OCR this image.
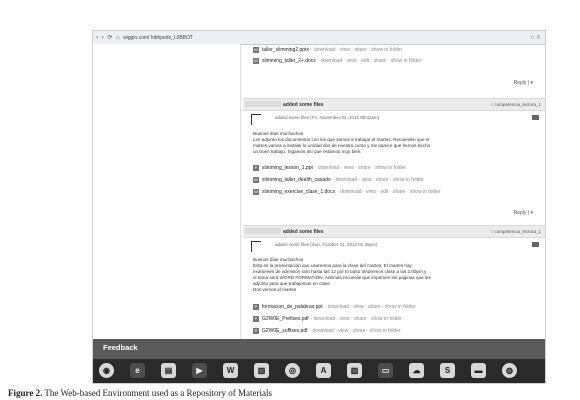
‹ › ⟳ ⌂ wiggio.com/ hibhpeds_L0BBOT	☆ ≡
W taller_slimming2.pptx · download · view · share · show in folder
W slimming_taller_2+.docx · download · view · edit · share · show in folder
Reply | ▾
added some files	○ competencia_lectora_1
added some files (Fri, November 02, 2012 09:02am)
Buenos días muchachos
Les adjunto los documentos con los que vamos a trabajar el martes. Recuerden que el
martes vamos a instalar la unidad dos de nuestro curso y me parece que hemos hecho
un buen trabajo. Sigamos así que estamos muy bien.
P slimming_lesson_1.ppt · download · view · share · show in folder
W slimming_taller_dealth_casado · download · view · share · show in folder
W slimming_exercise_clase_1.docx · download · view · edit · share · show in folder
Reply | ▾
added some files	○ competencia_lectora_1
added some files (Sun, October 21, 2012 01:36pm)
Buenos días muchachos
Esta es la presentación que usaremos para la clase del martes. El martes hay
exámenes de admisión solo hasta las 12 por lo tanto tendremos clase a las 2.00pm y
el tema será WORD FORMATION. Además recuerde que imprimen las páginas que les
adjunto para que trabajemos en clase
Nos vemos el martes
P formacion_de_palabras.ppt · download · view · share · show in folder
P G2W0E_Prefixes.pdf · download · view · share · show in folder
P G2W0E_suffixes.pdf · download · view · share · show in folder
Feedback
◉	e	▤	▶	W	▧	◎	A	▨	▭	☁	S	▬	◍
Figure 2. The Web-based Environment used as a Repository of Materials
